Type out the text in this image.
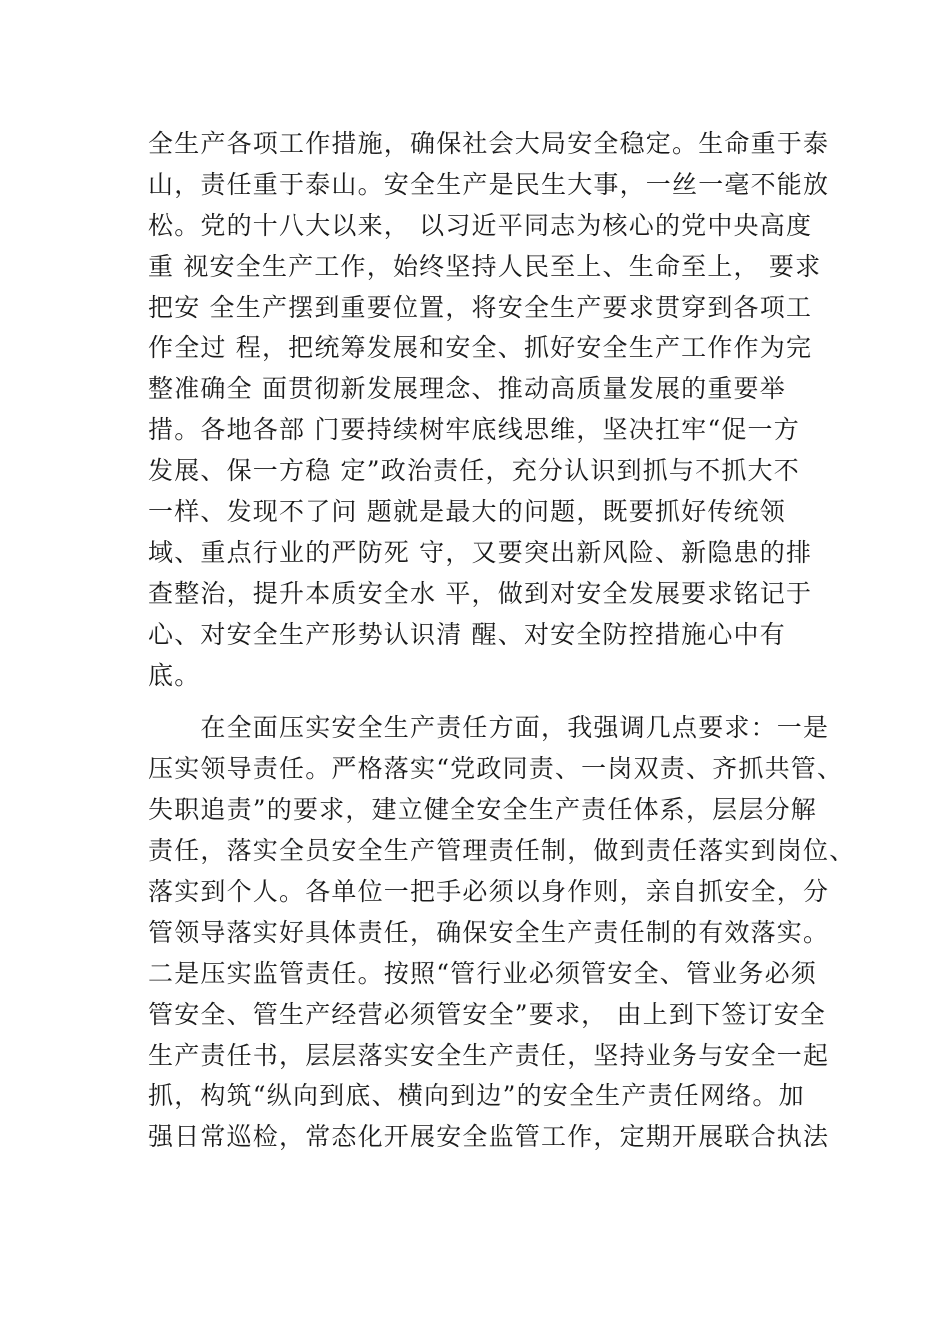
全生产各项工作措施，确保社会大局安全稳定。生命重于泰
山，责任重于泰山。安全生产是民生大事，一丝一毫不能放
松。党的十八大以来， 以习近平同志为核心的党中央高度
重 视安全生产工作，始终坚持人民至上、生命至上， 要求
把安 全生产摆到重要位置，将安全生产要求贯穿到各项工
作全过 程，把统筹发展和安全、抓好安全生产工作作为完
整准确全 面贯彻新发展理念、推动高质量发展的重要举
措。各地各部 门要持续树牢底线思维，坚决扛牢“促一方
发展、保一方稳 定”政治责任，充分认识到抓与不抓大不
一样、发现不了问 题就是最大的问题，既要抓好传统领
域、重点行业的严防死 守，又要突出新风险、新隐患的排
查整治，提升本质安全水 平，做到对安全发展要求铭记于
心、对安全生产形势认识清 醒、对安全防控措施心中有
底。
　　在全面压实安全生产责任方面，我强调几点要求：一是
压实领导责任。严格落实“党政同责、一岗双责、齐抓共管、
失职追责”的要求，建立健全安全生产责任体系，层层分解
责任，落实全员安全生产管理责任制，做到责任落实到岗位、
落实到个人。各单位一把手必须以身作则，亲自抓安全，分
管领导落实好具体责任，确保安全生产责任制的有效落实。
二是压实监管责任。按照“管行业必须管安全、管业务必须
管安全、管生产经营必须管安全”要求， 由上到下签订安全
生产责任书，层层落实安全生产责任，坚持业务与安全一起
抓，构筑“纵向到底、横向到边”的安全生产责任网络。加
强日常巡检，常态化开展安全监管工作，定期开展联合执法
